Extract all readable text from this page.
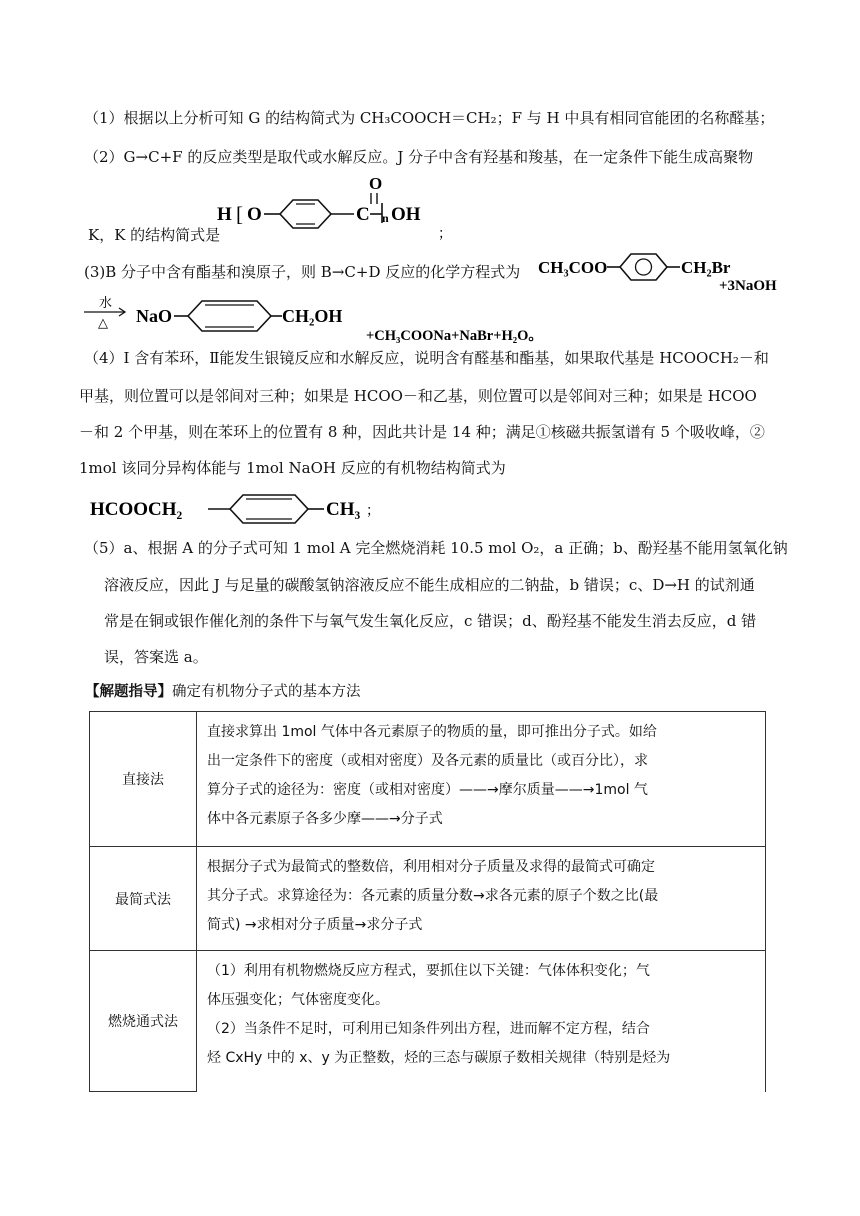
（1）根据以上分析可知 G 的结构简式为 CH₃COOCH＝CH₂；F 与 H 中具有相同官能团的名称醛基；
（2）G→C+F 的反应类型是取代或水解反应。J 分子中含有羟基和羧基，在一定条件下能生成高聚物
K，K 的结构简式是
H [ O
O
C n OH
；
(3)B 分子中含有酯基和溴原子，则 B→C+D 反应的化学方程式为 CH₃COO	CH₂Br
+3NaOH
水
△ NaO	CH₂OH
+CH₃COONa+NaBr+H₂O。
（4）I 含有苯环，Ⅱ能发生银镜反应和水解反应，说明含有醛基和酯基，如果取代基是 HCOOCH₂－和
甲基，则位置可以是邻间对三种；如果是 HCOO－和乙基，则位置可以是邻间对三种；如果是 HCOO
－和 2 个甲基，则在苯环上的位置有 8 种，因此共计是 14 种；满足①核磁共振氢谱有 5 个吸收峰，②
1mol 该同分异构体能与 1mol NaOH 反应的有机物结构简式为
HCOOCH₂	CH₃ ；
（5）a、根据 A 的分子式可知 1 mol A 完全燃烧消耗 10.5 mol O₂，a 正确；b、酚羟基不能用氢氧化钠
溶液反应，因此 J 与足量的碳酸氢钠溶液反应不能生成相应的二钠盐，b 错误；c、D→H 的试剂通
常是在铜或银作催化剂的条件下与氧气发生氧化反应，c 错误；d、酚羟基不能发生消去反应，d 错
误，答案选 a。
【解题指导】确定有机物分子式的基本方法
直接法	直接求算出 1mol 气体中各元素原子的物质的量，即可推出分子式。如给

出一定条件下的密度（或相对密度）及各元素的质量比（或百分比），求

算分子式的途径为：密度（或相对密度）——→摩尔质量——→1mol 气

体中各元素原子各多少摩——→分子式

最简式法	根据分子式为最简式的整数倍，利用相对分子质量及求得的最简式可确定

其分子式。求算途径为：各元素的质量分数→求各元素的原子个数之比(最

简式) →求相对分子质量→求分子式

燃烧通式法	（1）利用有机物燃烧反应方程式，要抓住以下关键：气体体积变化；气

体压强变化；气体密度变化。

（2）当条件不足时，可利用已知条件列出方程，进而解不定方程，结合

烃 CxHy 中的 x、y 为正整数，烃的三态与碳原子数相关规律（特别是烃为
